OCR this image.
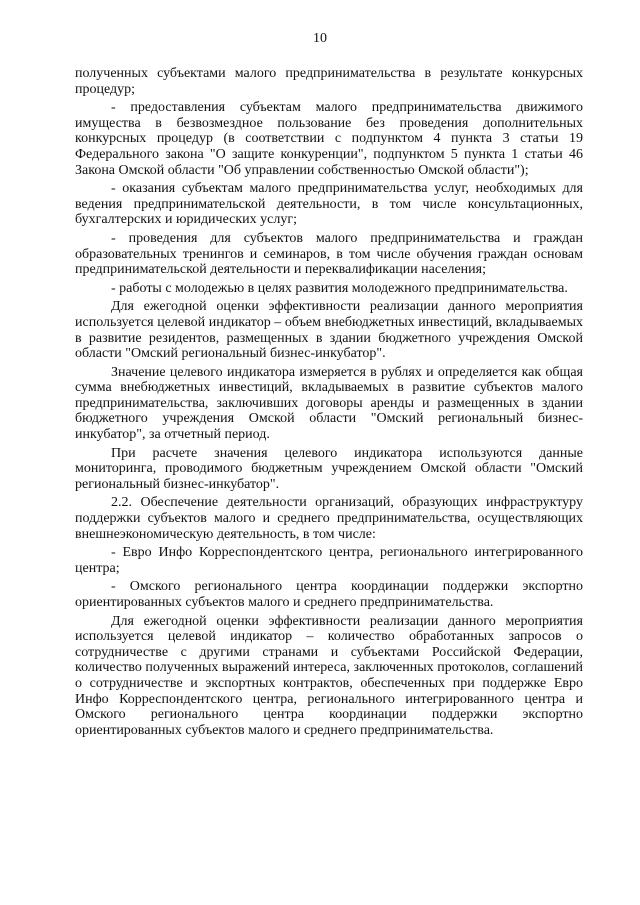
10

полученных субъектами малого предпринимательства в результате конкурсных процедур;

- предоставления субъектам малого предпринимательства движимого имущества в безвозмездное пользование без проведения дополнительных конкурсных процедур (в соответствии с подпунктом 4 пункта 3 статьи 19 Федерального закона "О защите конкуренции", подпунктом 5 пункта 1 статьи 46 Закона Омской области "Об управлении собственностью Омской области");

- оказания субъектам малого предпринимательства услуг, необходимых для ведения предпринимательской деятельности, в том числе консультационных, бухгалтерских и юридических услуг;

- проведения для субъектов малого предпринимательства и граждан образовательных тренингов и семинаров, в том числе обучения граждан основам предпринимательской деятельности и переквалификации населения;

- работы с молодежью в целях развития молодежного предпринимательства.

Для ежегодной оценки эффективности реализации данного мероприятия используется целевой индикатор – объем внебюджетных инвестиций, вкладываемых в развитие резидентов, размещенных в здании бюджетного учреждения Омской области "Омский региональный бизнес-инкубатор".

Значение целевого индикатора измеряется в рублях и определяется как общая сумма внебюджетных инвестиций, вкладываемых в развитие субъектов малого предпринимательства, заключивших договоры аренды и размещенных в здании бюджетного учреждения Омской области "Омский региональный бизнес-инкубатор", за отчетный период.

При расчете значения целевого индикатора используются данные мониторинга, проводимого бюджетным учреждением Омской области "Омский региональный бизнес-инкубатор".

2.2. Обеспечение деятельности организаций, образующих инфраструктуру поддержки субъектов малого и среднего предпринимательства, осуществляющих внешнеэкономическую деятельность, в том числе:

- Евро Инфо Корреспондентского центра, регионального интегрированного центра;

- Омского регионального центра координации поддержки экспортно ориентированных субъектов малого и среднего предпринимательства.

Для ежегодной оценки эффективности реализации данного мероприятия используется целевой индикатор – количество обработанных запросов о сотрудничестве с другими странами и субъектами Российской Федерации, количество полученных выражений интереса, заключенных протоколов, соглашений о сотрудничестве и экспортных контрактов, обеспеченных при поддержке Евро Инфо Корреспондентского центра, регионального интегрированного центра и Омского регионального центра координации поддержки экспортно ориентированных субъектов малого и среднего предпринимательства.
